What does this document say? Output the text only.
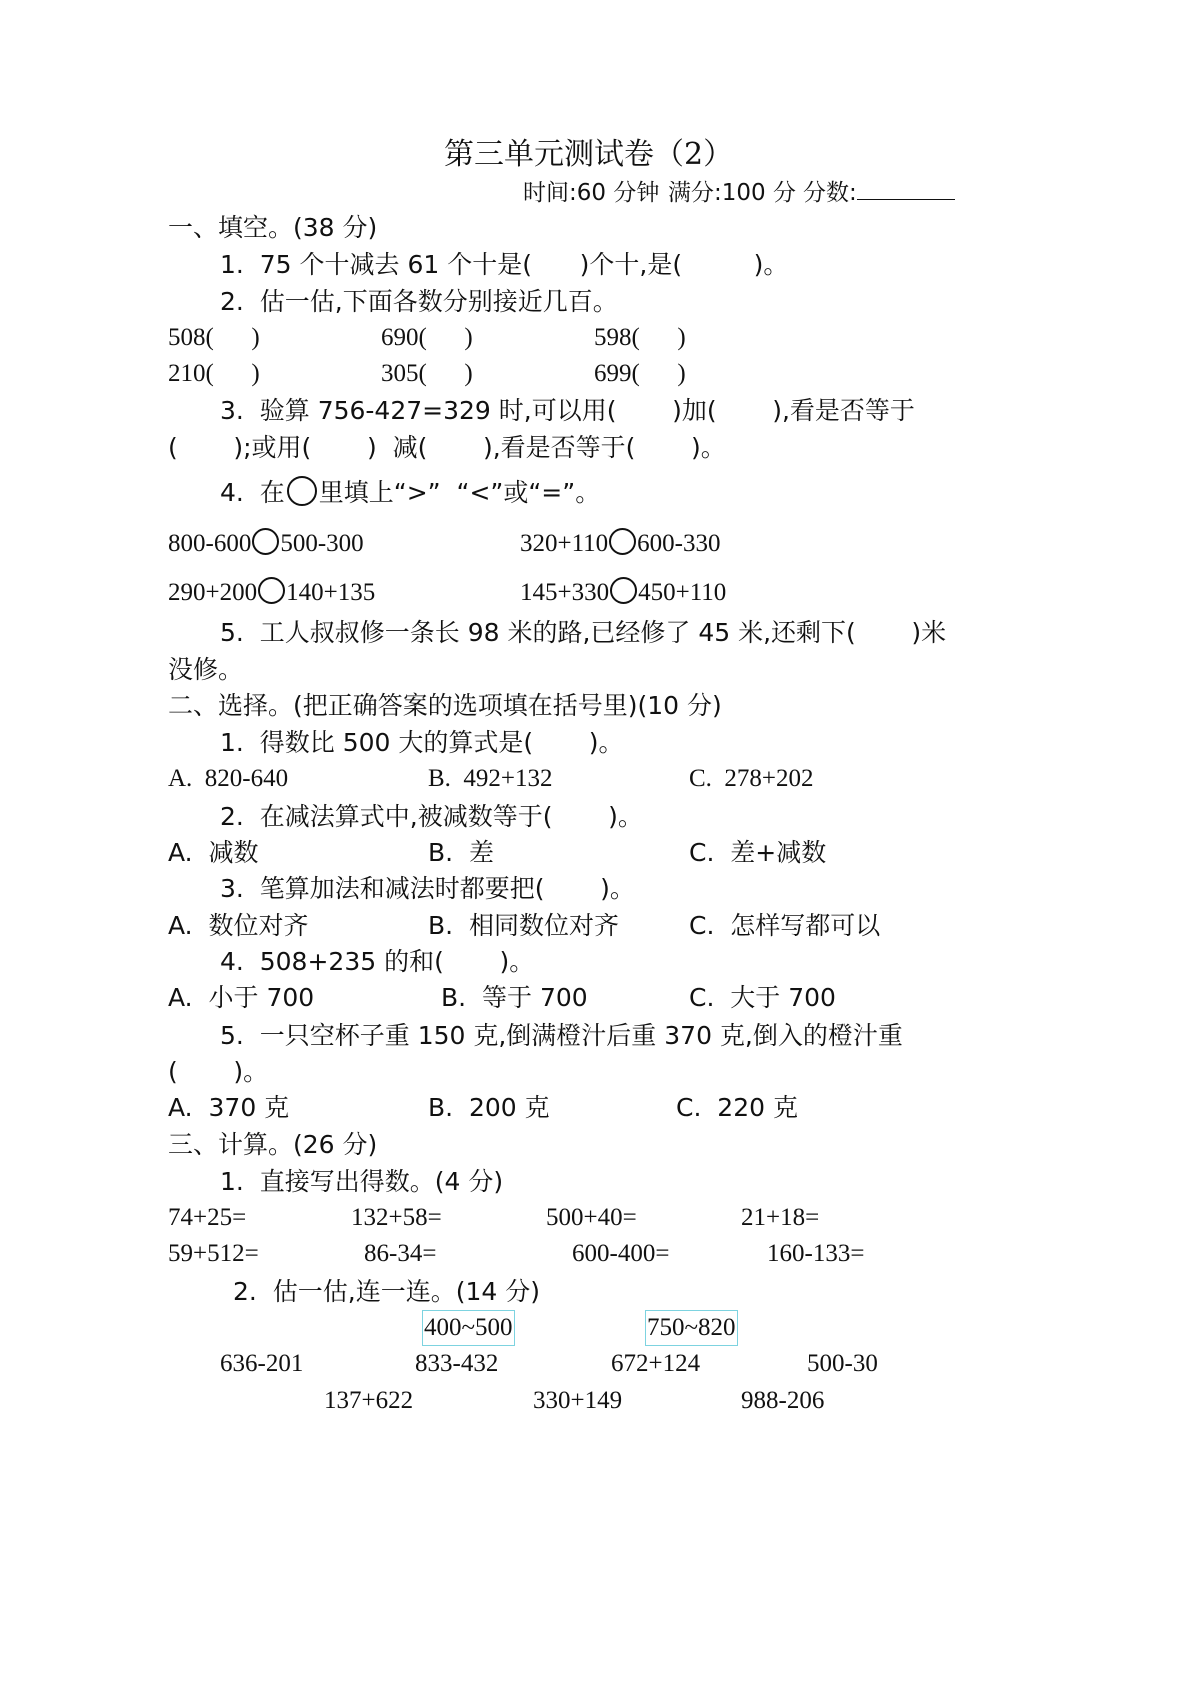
第三单元测试卷（2）
时间:60 分钟 满分:100 分 分数:
一、填空。(38 分)
1.  75 个十减去 61 个十是(      )个十,是(         )。
2.  估一估,下面各数分别接近几百。
508(      )	690(      )	598(      )
210(      )	305(      )	699(      )
3.  验算 756-427=329 时,可以用(       )加(       ),看是否等于
(       );或用(       )  减(       ),看是否等于(       )。
4.  在 里填上“>”  “<”或“=”。
800-600 500-300	320+110 600-330
290+200 140+135	145+330 450+110
5.  工人叔叔修一条长 98 米的路,已经修了 45 米,还剩下(       )米
没修。
二、选择。(把正确答案的选项填在括号里)(10 分)
1.  得数比 500 大的算式是(       )。
A.  820-640	B.  492+132	C.  278+202
2.  在减法算式中,被减数等于(       )。
A.  减数	B.  差	C.  差+减数
3.  笔算加法和减法时都要把(       )。
A.  数位对齐	B.  相同数位对齐	C.  怎样写都可以
4.  508+235 的和(       )。
A.  小于 700	B.  等于 700	C.  大于 700
5.  一只空杯子重 150 克,倒满橙汁后重 370 克,倒入的橙汁重
(       )。
A.  370 克	B.  200 克	C.  220 克
三、计算。(26 分)
1.  直接写出得数。(4 分)
74+25=	132+58=	500+40=	21+18=
59+512=	86-34=	600-400=	160-133=
2.  估一估,连一连。(14 分)
400~500	750~820
636-201	833-432	672+124	500-30
137+622	330+149	988-206
